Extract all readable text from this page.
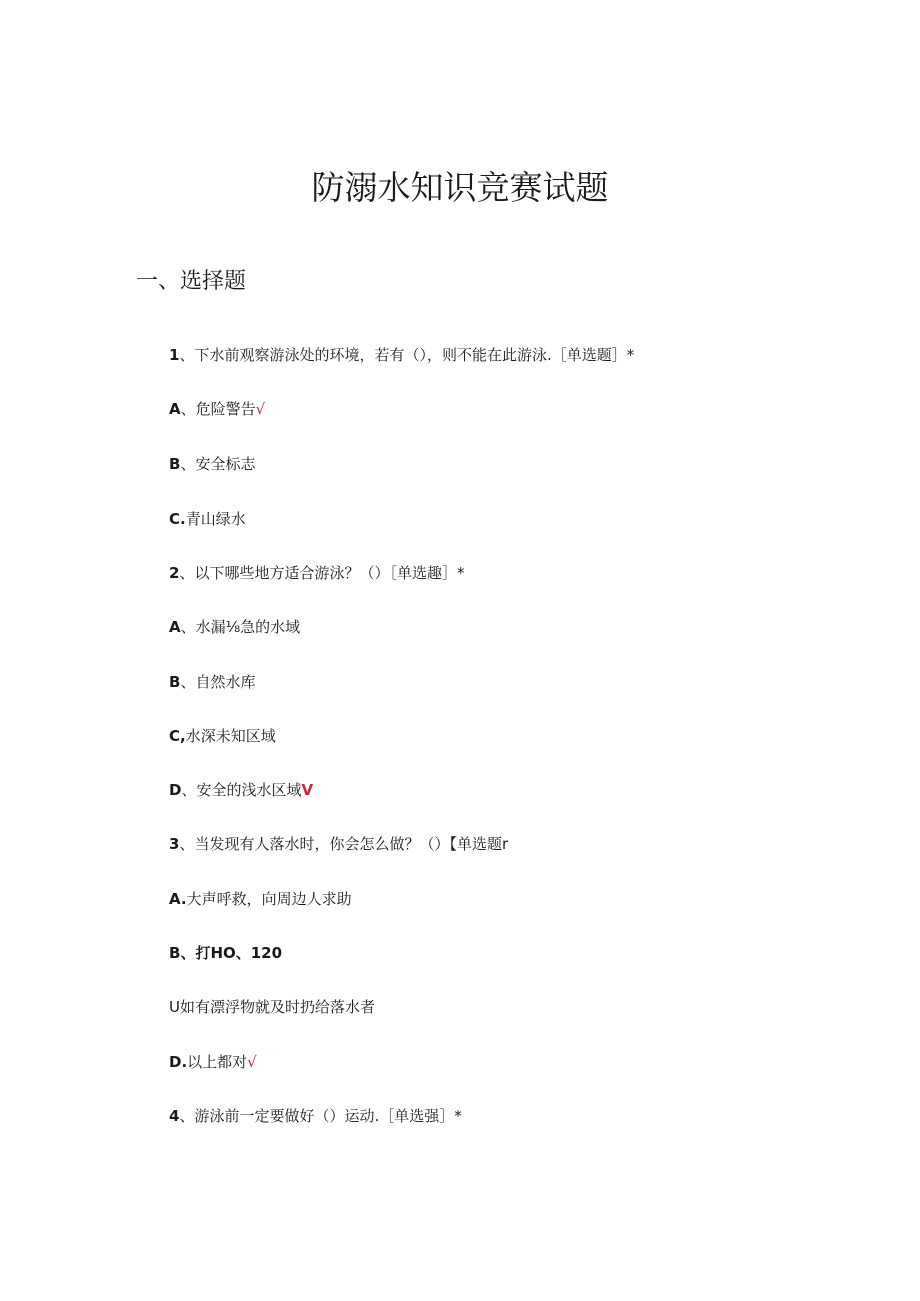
防溺水知识竞赛试题
一、选择题
1、下水前观察游泳处的环境，若有（），则不能在此游泳.［单选题］*
A、危险警告√
B、安全标志
C.青山绿水
2、以下哪些地方适合游泳？（）［单选趣］*
A、水漏⅛急的水域
B、自然水库
C,水深未知区域
D、安全的浅水区域V
3、当发现有人落水时，你会怎么做？（）【单选题r
A.大声呼救，向周边人求助
B、打HO、120
U如有漂浮物就及时扔给落水者
D.以上都对√
4、游泳前一定要做好（）运动.［单选强］*
